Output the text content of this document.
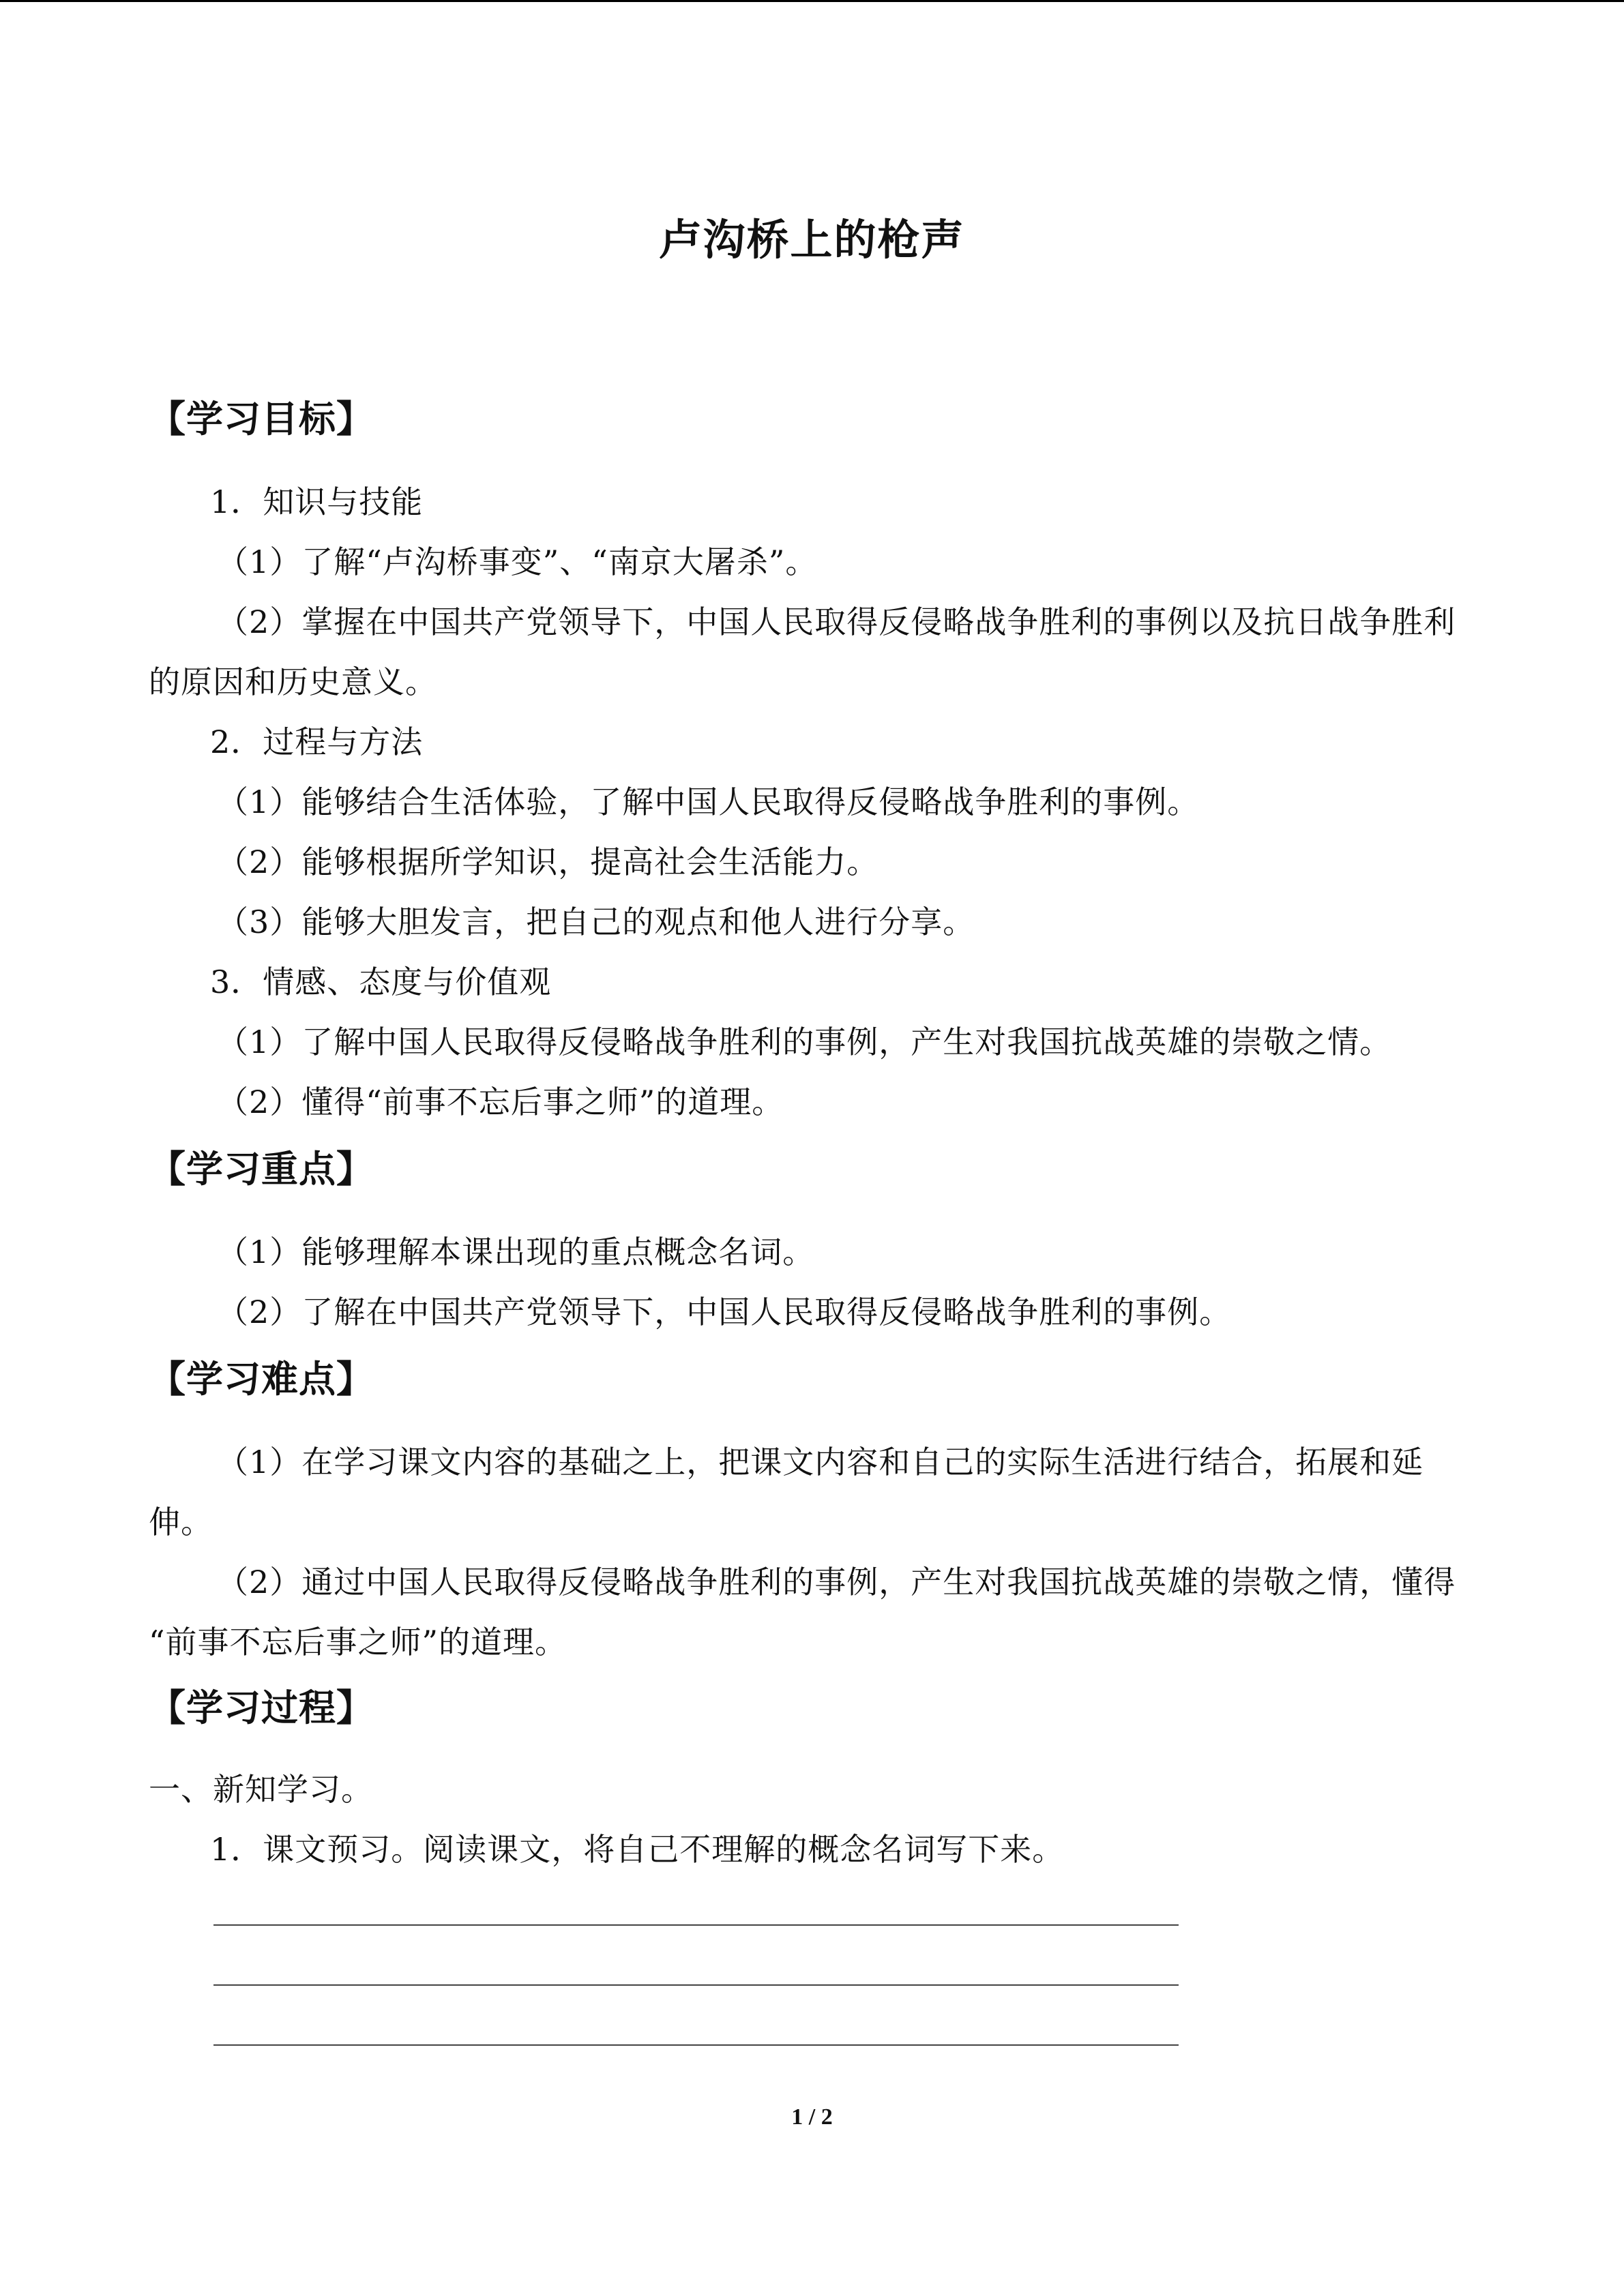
卢沟桥上的枪声
【学习目标】
1．知识与技能
（1）了解“卢沟桥事变”、“南京大屠杀”。
（2）掌握在中国共产党领导下，中国人民取得反侵略战争胜利的事例以及抗日战争胜利
的原因和历史意义。
2．过程与方法
（1）能够结合生活体验，了解中国人民取得反侵略战争胜利的事例。
（2）能够根据所学知识，提高社会生活能力。
（3）能够大胆发言，把自己的观点和他人进行分享。
3．情感、态度与价值观
（1）了解中国人民取得反侵略战争胜利的事例，产生对我国抗战英雄的崇敬之情。
（2）懂得“前事不忘后事之师”的道理。
【学习重点】
（1）能够理解本课出现的重点概念名词。
（2）了解在中国共产党领导下，中国人民取得反侵略战争胜利的事例。
【学习难点】
（1）在学习课文内容的基础之上，把课文内容和自己的实际生活进行结合，拓展和延
伸。
（2）通过中国人民取得反侵略战争胜利的事例，产生对我国抗战英雄的崇敬之情，懂得
“前事不忘后事之师”的道理。
【学习过程】
一、新知学习。
1．课文预习。阅读课文，将自己不理解的概念名词写下来。
1 / 2
